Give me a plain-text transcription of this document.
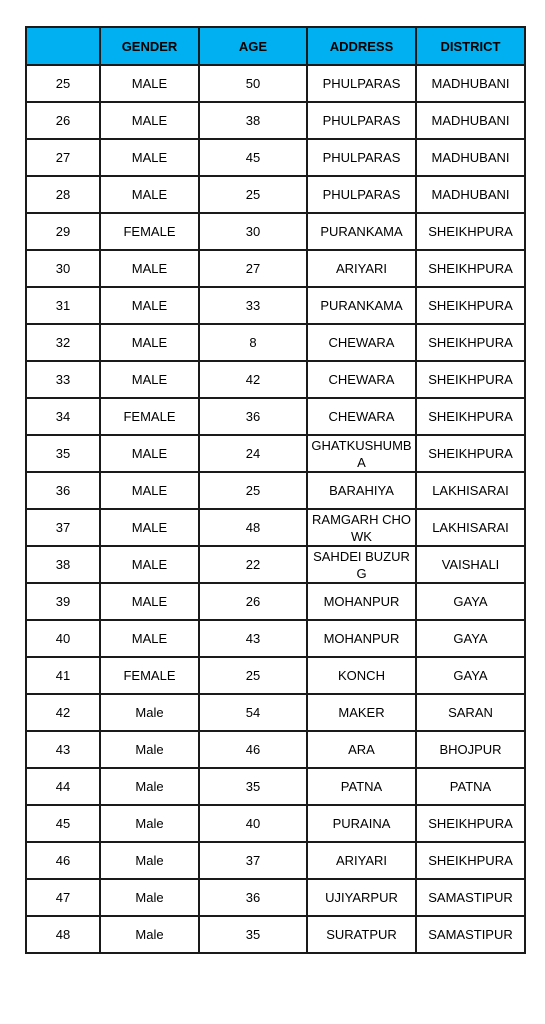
	GENDER	AGE	ADDRESS	DISTRICT
25	MALE	50	PHULPARAS	MADHUBANI
26	MALE	38	PHULPARAS	MADHUBANI
27	MALE	45	PHULPARAS	MADHUBANI
28	MALE	25	PHULPARAS	MADHUBANI
29	FEMALE	30	PURANKAMA	SHEIKHPURA
30	MALE	27	ARIYARI	SHEIKHPURA
31	MALE	33	PURANKAMA	SHEIKHPURA
32	MALE	8	CHEWARA	SHEIKHPURA
33	MALE	42	CHEWARA	SHEIKHPURA
34	FEMALE	36	CHEWARA	SHEIKHPURA
35	MALE	24	GHATKUSHUMBA	SHEIKHPURA
36	MALE	25	BARAHIYA	LAKHISARAI
37	MALE	48	RAMGARH CHOWK	LAKHISARAI
38	MALE	22	SAHDEI BUZURG	VAISHALI
39	MALE	26	MOHANPUR	GAYA
40	MALE	43	MOHANPUR	GAYA
41	FEMALE	25	KONCH	GAYA
42	Male	54	MAKER	SARAN
43	Male	46	ARA	BHOJPUR
44	Male	35	PATNA	PATNA
45	Male	40	PURAINA	SHEIKHPURA
46	Male	37	ARIYARI	SHEIKHPURA
47	Male	36	UJIYARPUR	SAMASTIPUR
48	Male	35	SURATPUR	SAMASTIPUR
